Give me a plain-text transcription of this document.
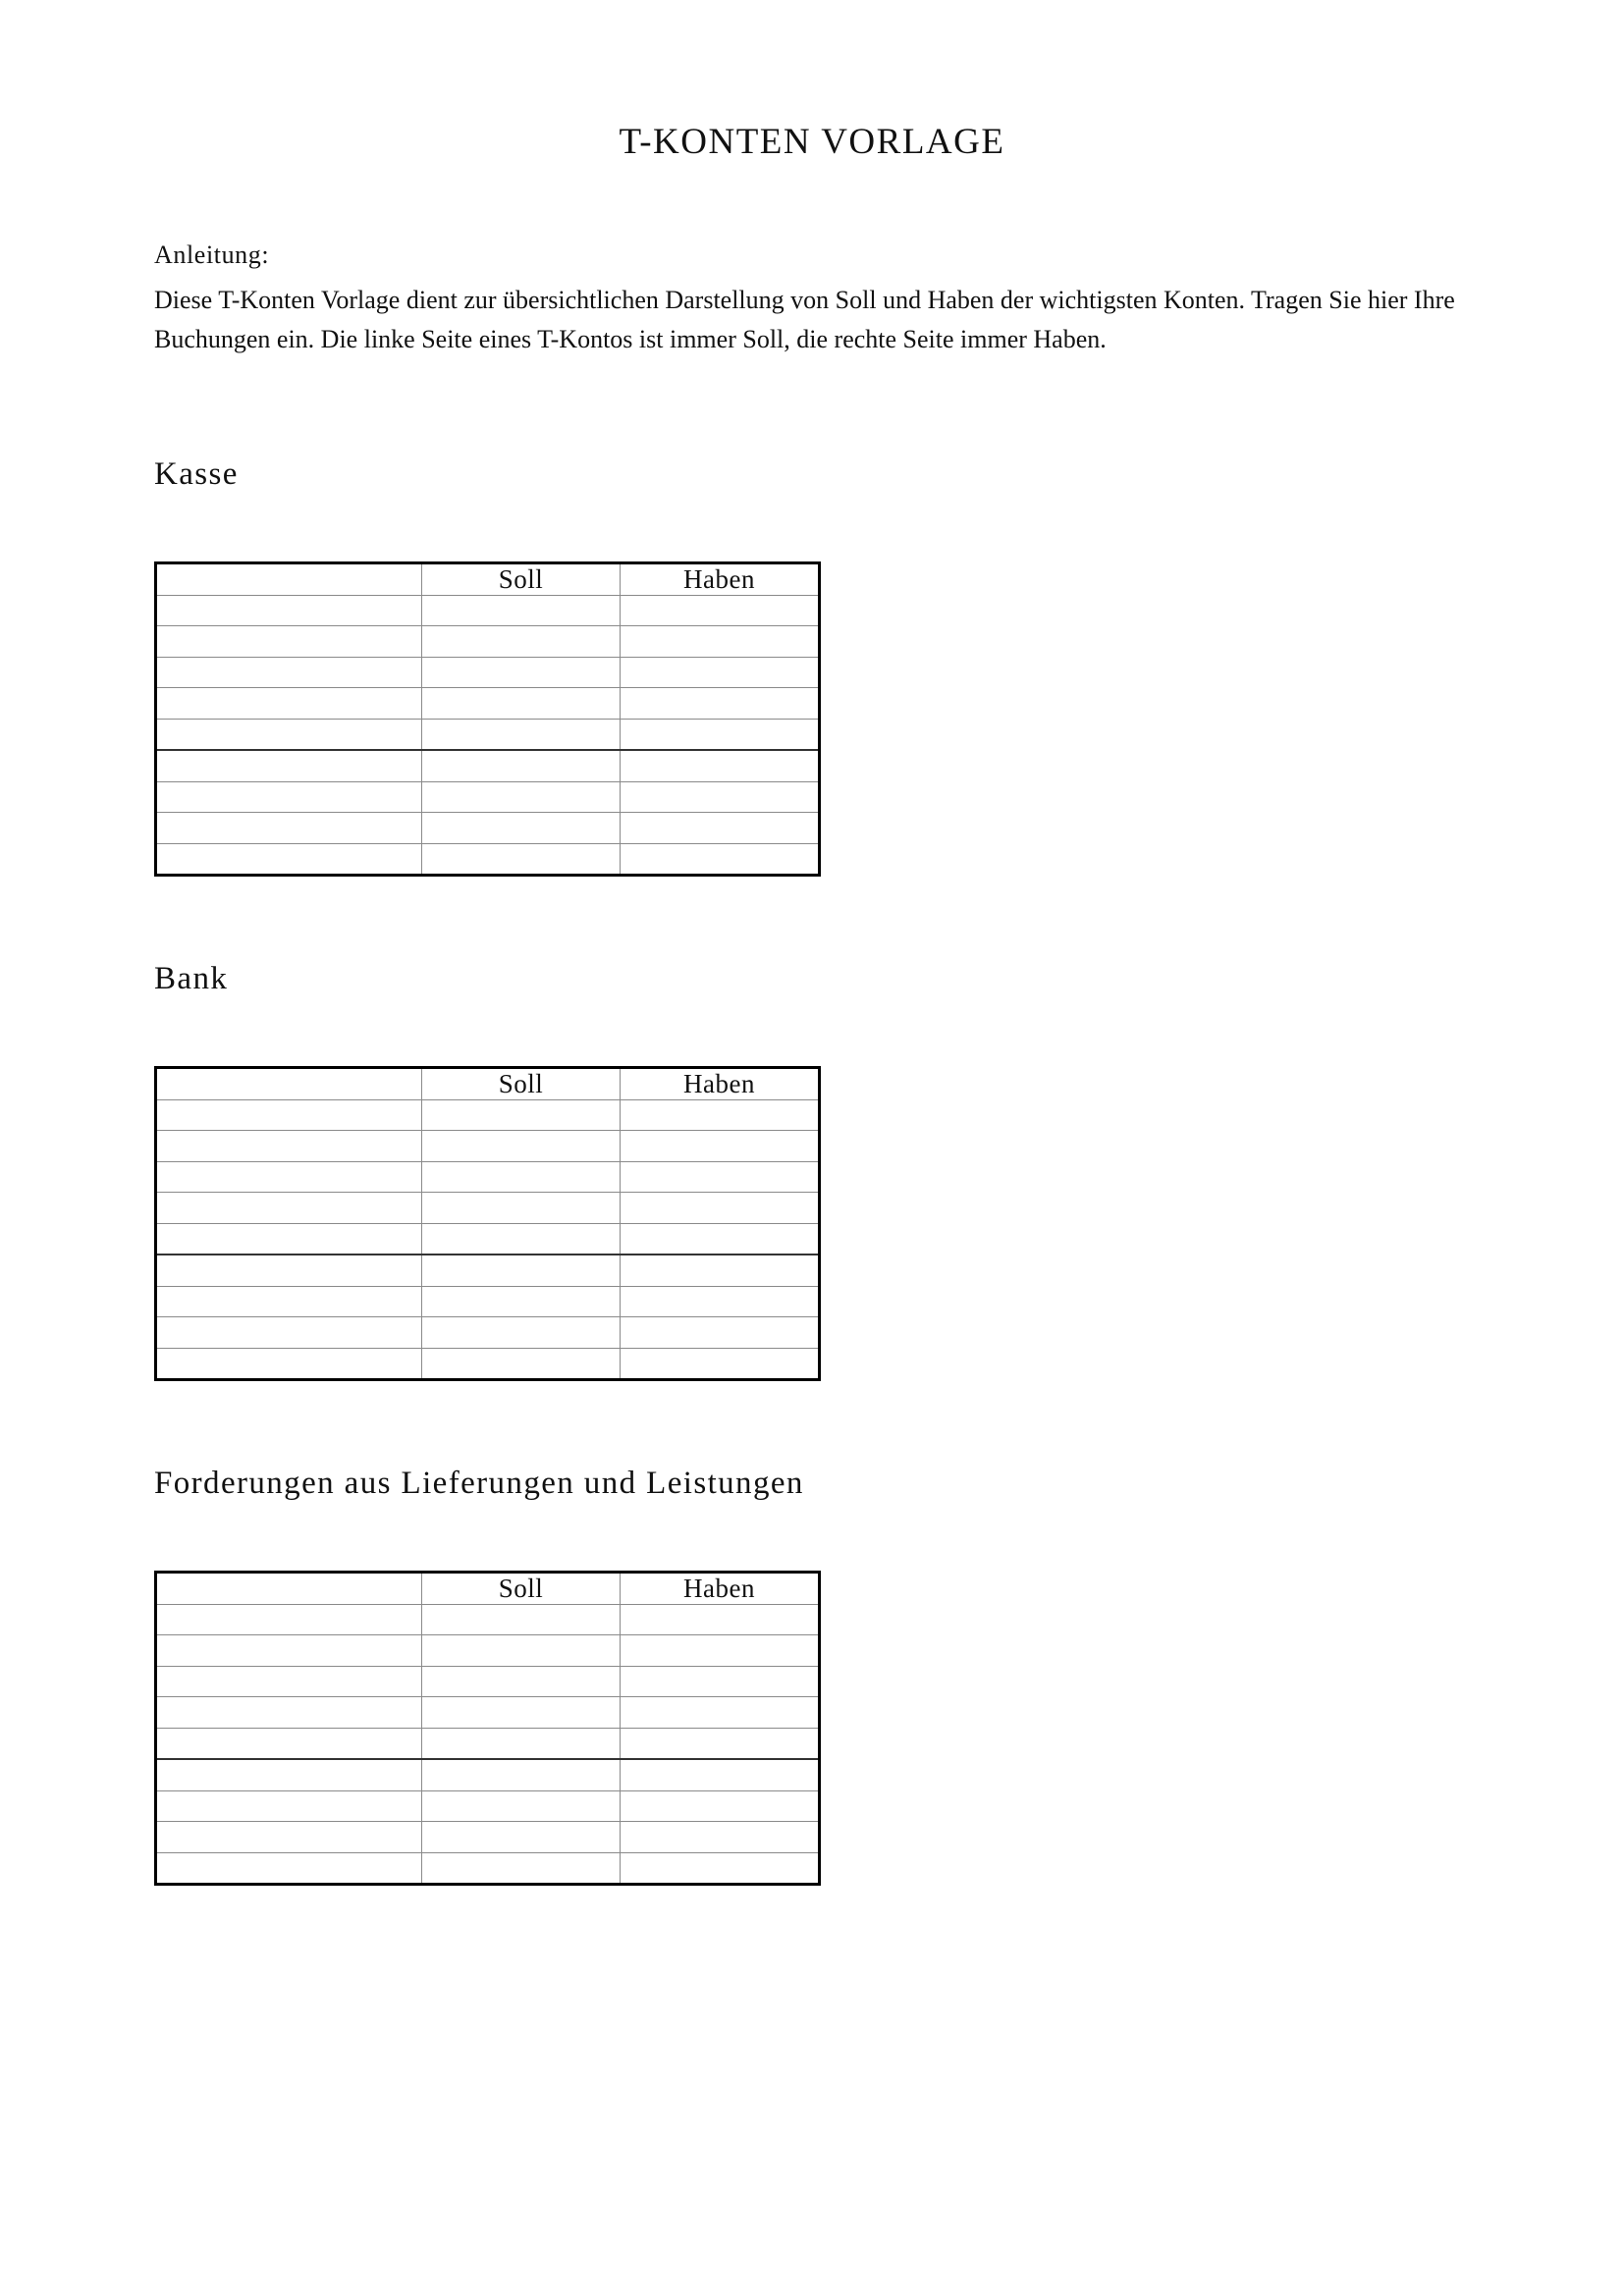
T-KONTEN VORLAGE
Anleitung:
Diese T-Konten Vorlage dient zur übersichtlichen Darstellung von Soll und Haben der wichtigsten Konten. Tragen Sie hier Ihre Buchungen ein. Die linke Seite eines T-Kontos ist immer Soll, die rechte Seite immer Haben.
Kasse
	Soll	Haben

Bank
	Soll	Haben

Forderungen aus Lieferungen und Leistungen
	Soll	Haben
